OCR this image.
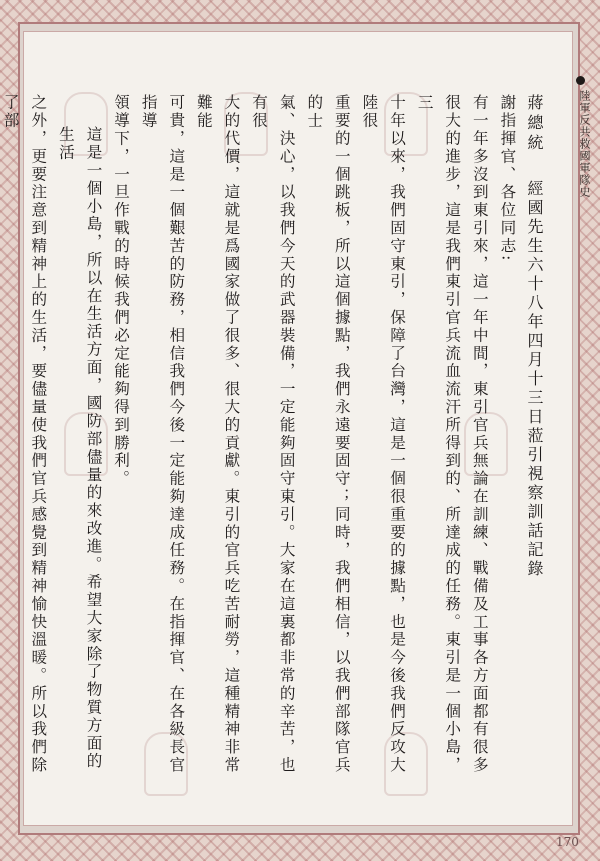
陸軍反共救國軍隊史
蔣總統經國先生六十八年四月十三日蒞引視察訓話記錄
謝指揮官、各位同志:
有一年多沒到東引來，這一年中間，東引官兵無論在訓練、戰備及工事各方面都有很多
很大的進步，這是我們東引官兵流血流汗所得到的、所達成的任務。東引是一個小島，三
十年以來，我們固守東引，保障了台灣，這是一個很重要的據點，也是今後我們反攻大陸很
重要的一個跳板，所以這個據點，我們永遠要固守；同時，我們相信，以我們部隊官兵的士
氣、決心，以我們今天的武器裝備，一定能夠固守東引。大家在這裏都非常的辛苦，也有很
大的代價，這就是爲國家做了很多、很大的貢獻。東引的官兵吃苦耐勞，這種精神非常難能
可貴，這是一個艱苦的防務，相信我們今後一定能夠達成任務。在指揮官、在各級長官指導
領導下，一旦作戰的時候我們必定能夠得到勝利。
這是一個小島，所以在生活方面，國防部儘量的來改進。希望大家除了物質方面的生活
之外，更要注意到精神上的生活，要儘量使我們官兵感覺到精神愉快溫暖。所以我們除了部
170
